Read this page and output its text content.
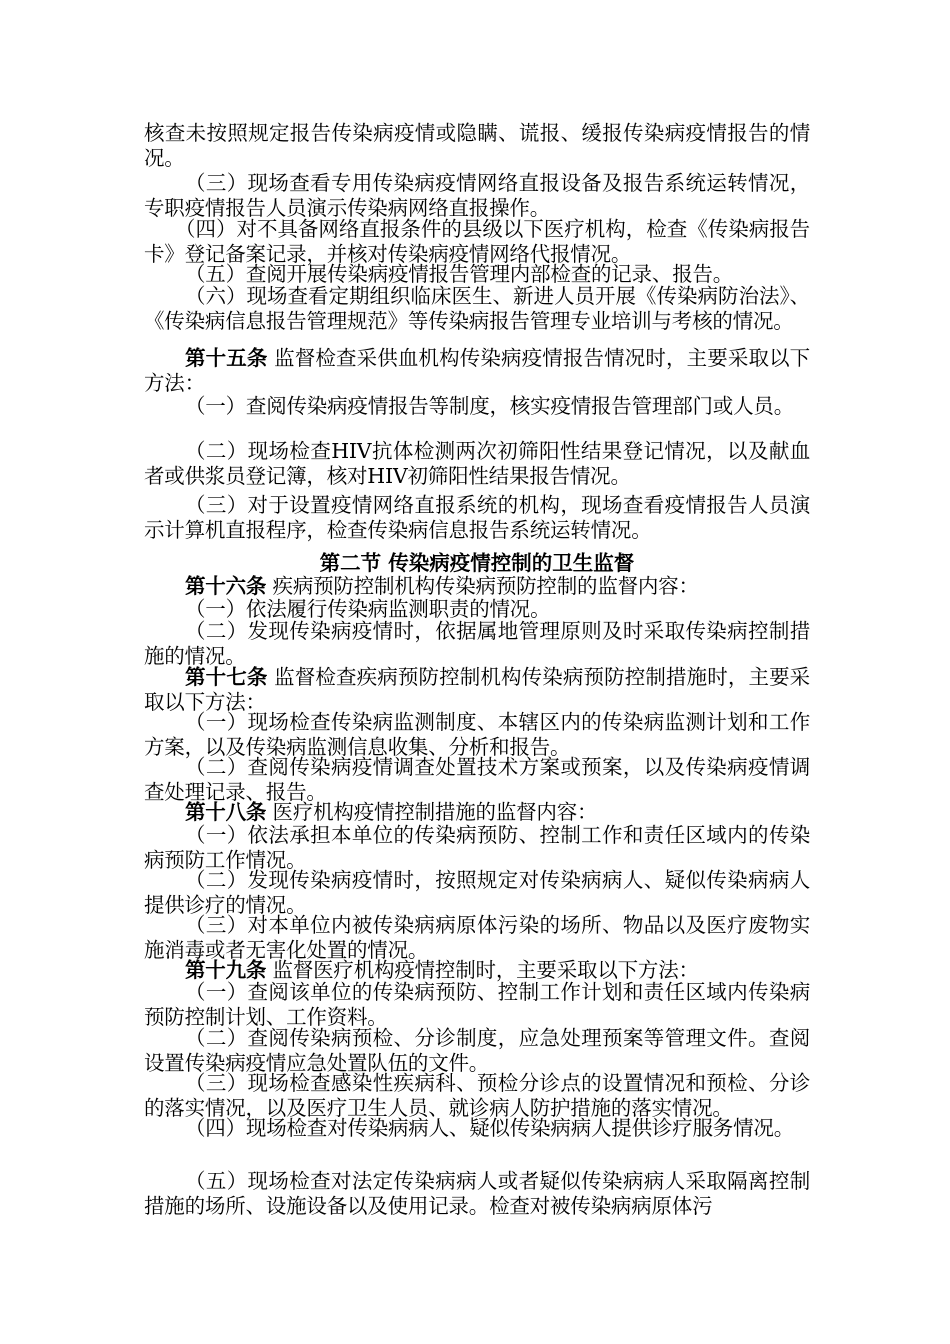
核查未按照规定报告传染病疫情或隐瞒、谎报、缓报传染病疫情报告的情况。
（三）现场查看专用传染病疫情网络直报设备及报告系统运转情况，专职疫情报告人员演示传染病网络直报操作。
（四）对不具备网络直报条件的县级以下医疗机构，检查《传染病报告卡》登记备案记录，并核对传染病疫情网络代报情况。
（五）查阅开展传染病疫情报告管理内部检查的记录、报告。
（六）现场查看定期组织临床医生、新进人员开展《传染病防治法》、《传染病信息报告管理规范》等传染病报告管理专业培训与考核的情况。
第十五条 监督检查采供血机构传染病疫情报告情况时，主要采取以下方法：
（一）查阅传染病疫情报告等制度，核实疫情报告管理部门或人员。
（二）现场检查HIV抗体检测两次初筛阳性结果登记情况，以及献血者或供浆员登记簿，核对HIV初筛阳性结果报告情况。
（三）对于设置疫情网络直报系统的机构，现场查看疫情报告人员演示计算机直报程序，检查传染病信息报告系统运转情况。
第二节 传染病疫情控制的卫生监督
第十六条 疾病预防控制机构传染病预防控制的监督内容：
（一）依法履行传染病监测职责的情况。
（二）发现传染病疫情时，依据属地管理原则及时采取传染病控制措施的情况。
第十七条 监督检查疾病预防控制机构传染病预防控制措施时，主要采取以下方法：
（一）现场检查传染病监测制度、本辖区内的传染病监测计划和工作方案，以及传染病监测信息收集、分析和报告。
（二）查阅传染病疫情调查处置技术方案或预案，以及传染病疫情调查处理记录、报告。
第十八条 医疗机构疫情控制措施的监督内容：
（一）依法承担本单位的传染病预防、控制工作和责任区域内的传染病预防工作情况。
（二）发现传染病疫情时，按照规定对传染病病人、疑似传染病病人提供诊疗的情况。
（三）对本单位内被传染病病原体污染的场所、物品以及医疗废物实施消毒或者无害化处置的情况。
第十九条 监督医疗机构疫情控制时，主要采取以下方法：
（一）查阅该单位的传染病预防、控制工作计划和责任区域内传染病预防控制计划、工作资料。
（二）查阅传染病预检、分诊制度，应急处理预案等管理文件。查阅设置传染病疫情应急处置队伍的文件。
（三）现场检查感染性疾病科、预检分诊点的设置情况和预检、分诊的落实情况，以及医疗卫生人员、就诊病人防护措施的落实情况。
（四）现场检查对传染病病人、疑似传染病病人提供诊疗服务情况。
（五）现场检查对法定传染病病人或者疑似传染病病人采取隔离控制措施的场所、设施设备以及使用记录。检查对被传染病病原体污
